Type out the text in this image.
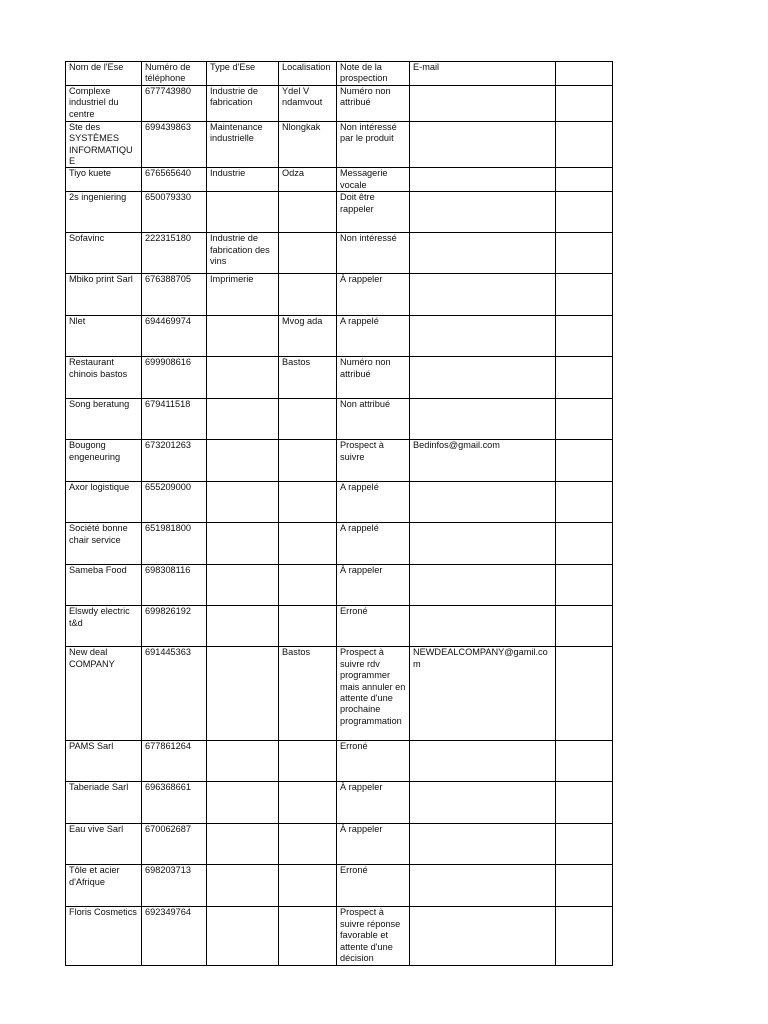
Nom de l'Ese	Numéro de téléphone	Type d'Ese	Localisation	Note de la prospection	E-mail	

Complexe industriel du centre	677743980	Industrie de fabrication	Ydel V ndamvout	Numéro non attribué		

Ste des SYSTÈMES INFORMATIQU E	699439863	Maintenance industrielle	Nlongkak	Non intéressé par le produit		

Tiyo kuete	676565640	Industrie	Odza	Messagerie vocale		

2s ingeniering	650079330			Doit être rappeler		

Sofavinc	222315180	Industrie de fabrication des vins		Non intéressé		

Mbiko print Sarl	676388705	Imprimerie		À rappeler		

Nlet	694469974		Mvog ada	A rappelé		

Restaurant chinois bastos	699908616		Bastos	Numéro non attribué		

Song beratung	679411518			Non attribué		

Bougong engeneuring	673201263			Prospect à suivre	Bedinfos@gmail.com	

Axor logistique	655209000			A rappelé		

Société bonne chair service	651981800			A rappelé		

Sameba Food	698308116			À rappeler		

Elswdy electric t&d	699826192			Erroné		

New deal COMPANY	691445363		Bastos	Prospect à suivre rdv programmer mais annuler en attente d'une prochaine programmation	NEWDEALCOMPANY@gamil.com	

PAMS Sarl	677861264			Erroné		

Taberiade Sarl	696368661			À rappeler		

Eau vive Sarl	670062687			À rappeler		

Tôle et acier d'Afrique	698203713			Erroné		

Floris Cosmetics	692349764			Prospect à suivre réponse favorable et attente d'une décision		
